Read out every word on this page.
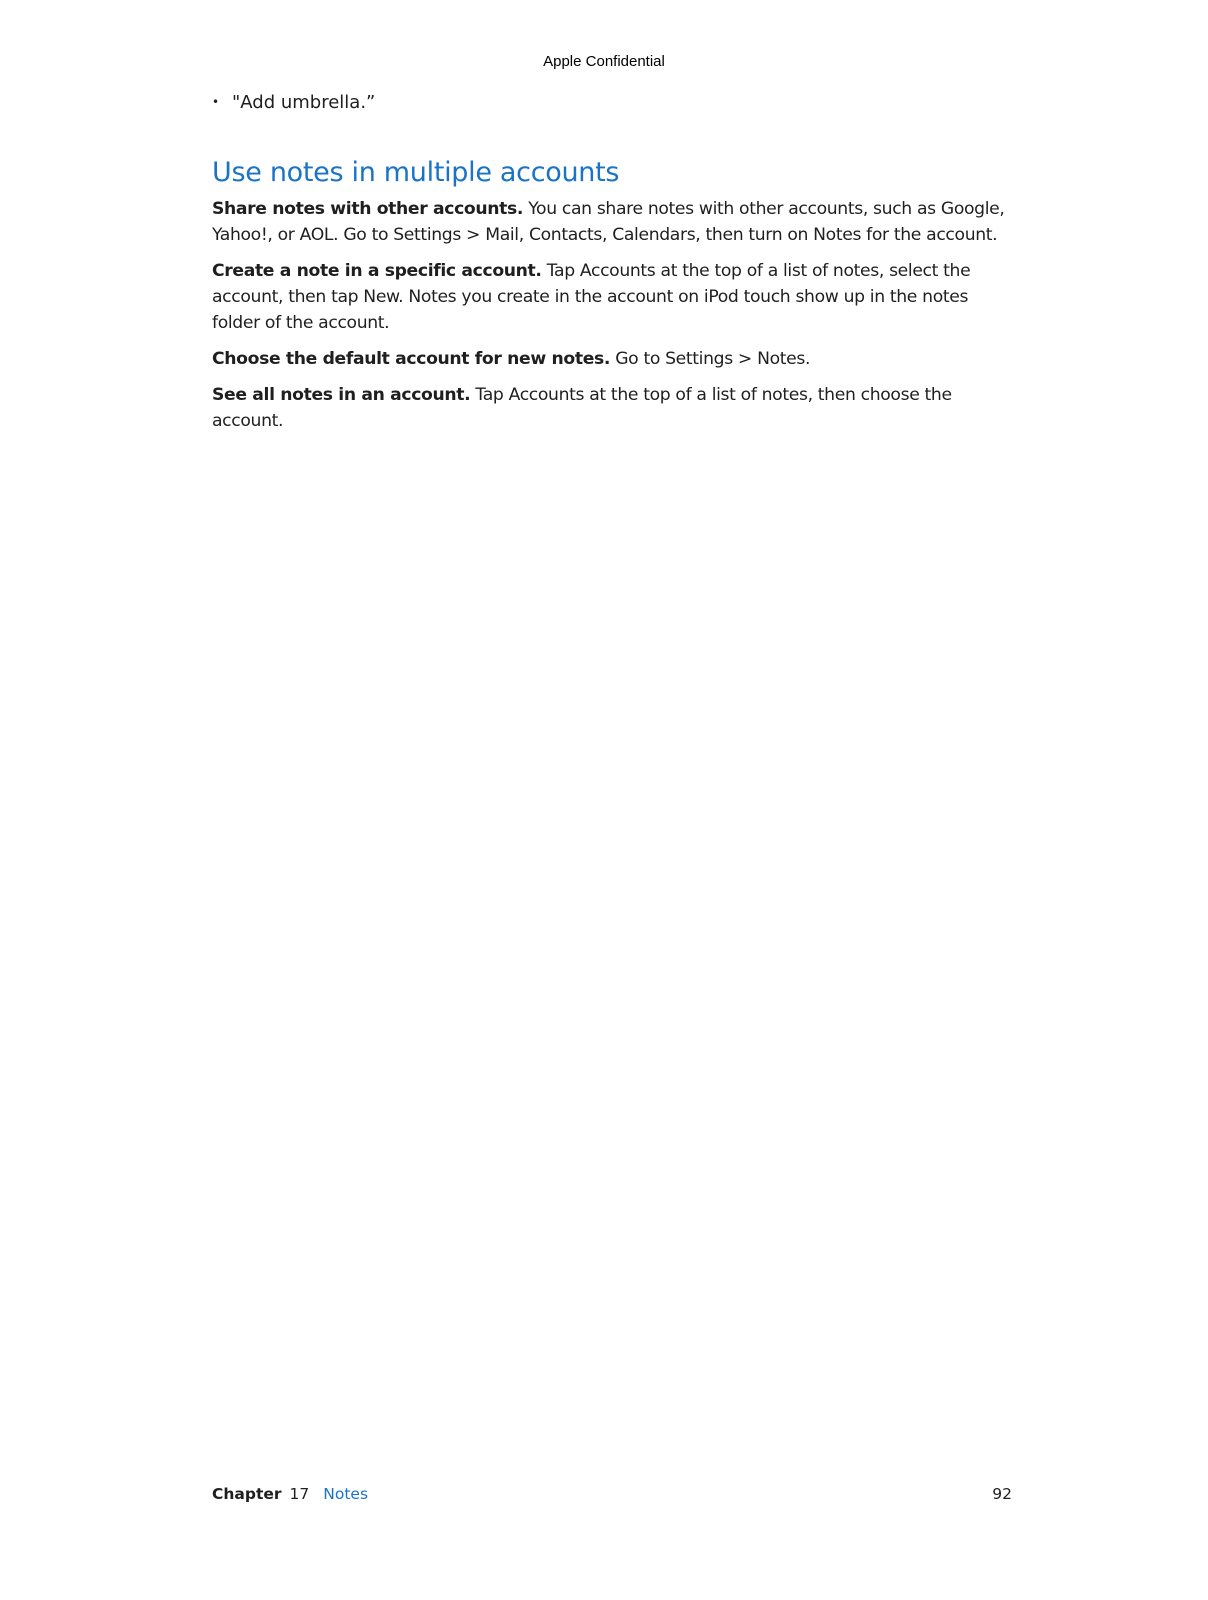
Apple Confidential
• "Add umbrella.”
Use notes in multiple accounts

Share notes with other accounts. You can share notes with other accounts, such as Google, Yahoo!, or AOL. Go to Settings > Mail, Contacts, Calendars, then turn on Notes for the account.

Create a note in a specific account. Tap Accounts at the top of a list of notes, select the account, then tap New. Notes you create in the account on iPod touch show up in the notes folder of the account.

Choose the default account for new notes. Go to Settings > Notes.

See all notes in an account. Tap Accounts at the top of a list of notes, then choose the account.

Chapter 17 Notes	92
